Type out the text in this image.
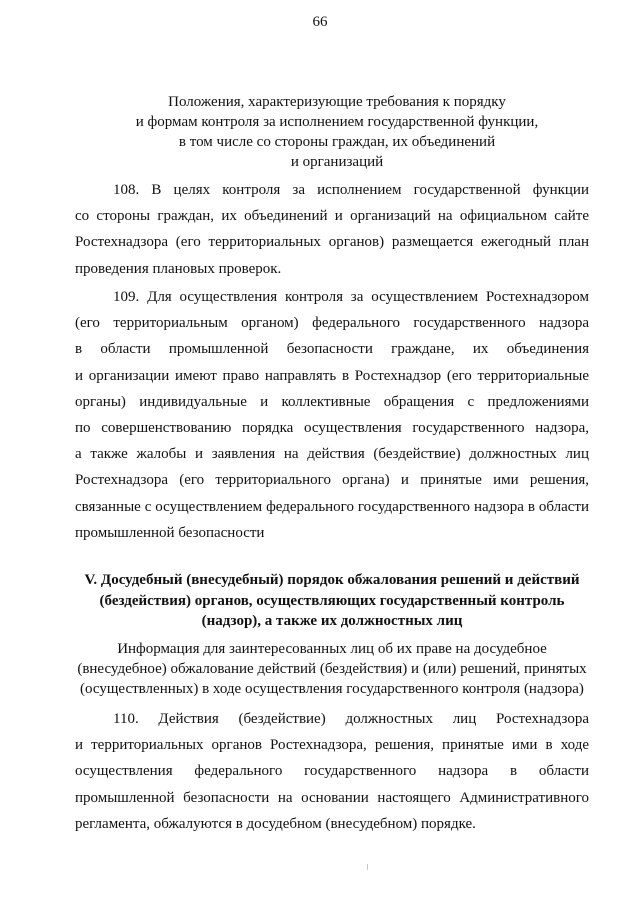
66
Положения, характеризующие требования к порядку
и формам контроля за исполнением государственной функции,
в том числе со стороны граждан, их объединений
и организаций
108. В целях контроля за исполнением государственной функции
со стороны граждан, их объединений и организаций на официальном сайте
Ростехнадзора (его территориальных органов) размещается ежегодный план
проведения плановых проверок.
109. Для осуществления контроля за осуществлением Ростехнадзором
(его территориальным органом) федерального государственного надзора
в области промышленной безопасности граждане, их объединения
и организации имеют право направлять в Ростехнадзор (его территориальные
органы) индивидуальные и коллективные обращения с предложениями
по совершенствованию порядка осуществления государственного надзора,
а также жалобы и заявления на действия (бездействие) должностных лиц
Ростехнадзора (его территориального органа) и принятые ими решения,
связанные с осуществлением федерального государственного надзора в области
промышленной безопасности
V. Досудебный (внесудебный) порядок обжалования решений и действий
(бездействия) органов, осуществляющих государственный контроль
(надзор), а также их должностных лиц
Информация для заинтересованных лиц об их праве на досудебное
(внесудебное) обжалование действий (бездействия) и (или) решений, принятых
(осуществленных) в ходе осуществления государственного контроля (надзора)
110. Действия (бездействие) должностных лиц Ростехнадзора
и территориальных органов Ростехнадзора, решения, принятые ими в ходе
осуществления федерального государственного надзора в области
промышленной безопасности на основании настоящего Административного
регламента, обжалуются в досудебном (внесудебном) порядке.
